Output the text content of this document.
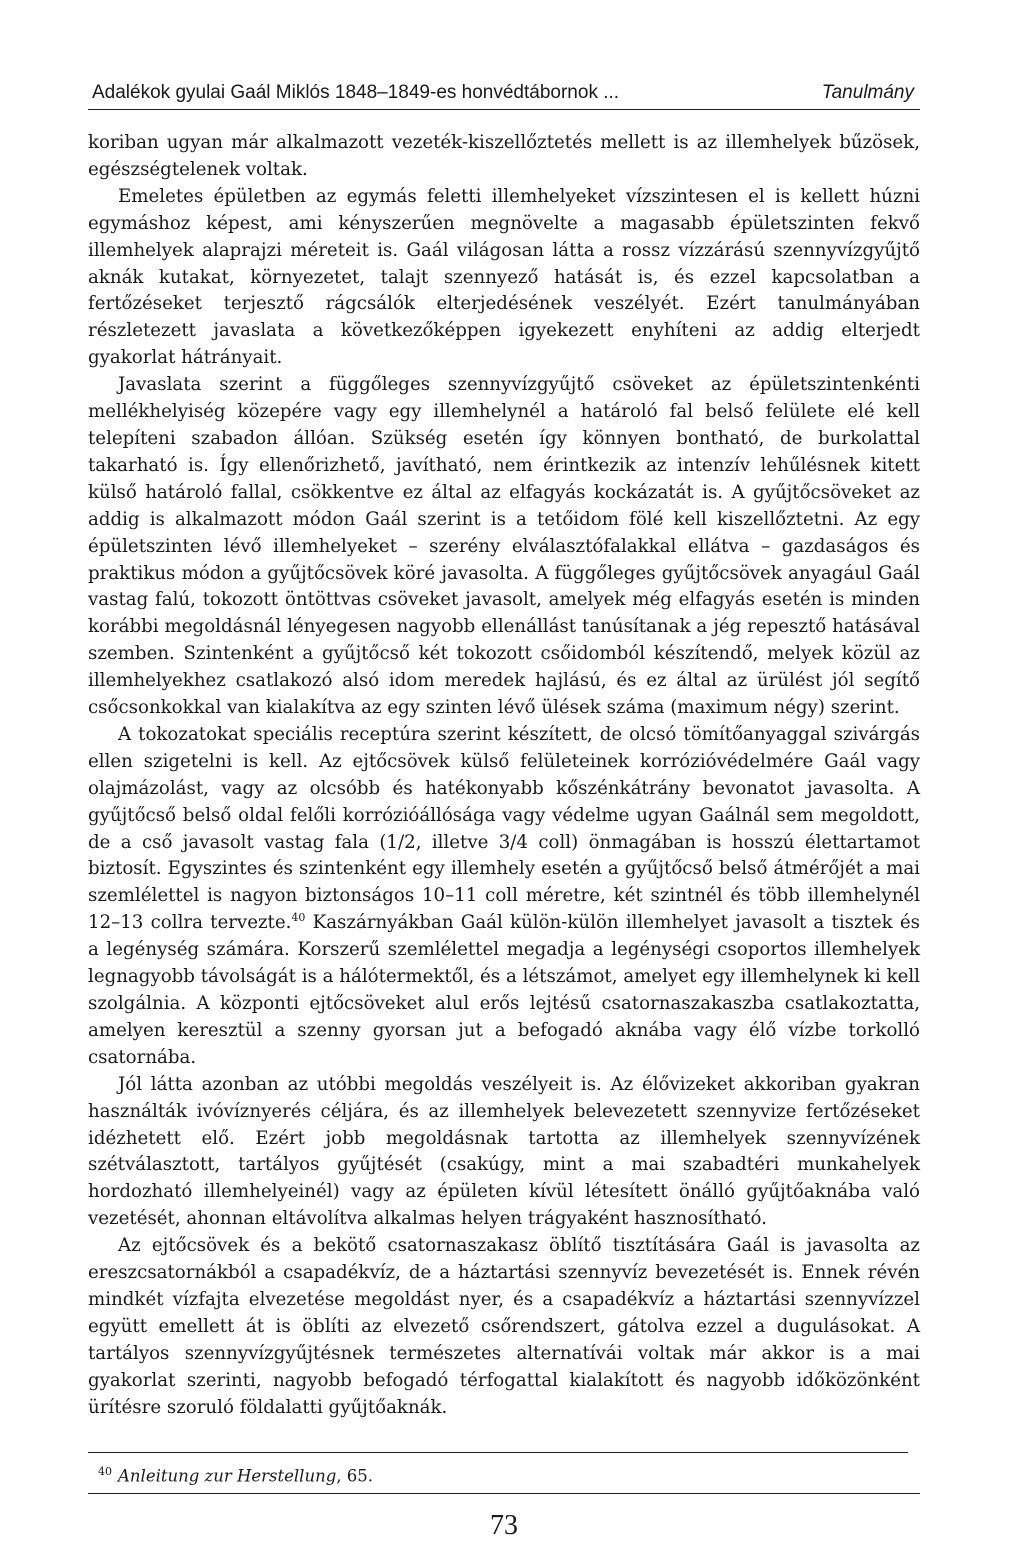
Adalékok gyulai Gaál Miklós 1848–1849-es honvédtábornok ...	Tanulmány

koriban ugyan már alkalmazott vezeték-kiszellőztetés mellett is az illemhelyek bűzösek, egészségtelenek voltak.

Emeletes épületben az egymás feletti illemhelyeket vízszintesen el is kellett húzni egymáshoz képest, ami kényszerűen megnövelte a magasabb épületszinten fekvő illemhelyek alaprajzi méreteit is. Gaál világosan látta a rossz vízzárású szennyvízgyűjtő aknák kutakat, környezetet, talajt szennyező hatását is, és ezzel kapcsolatban a fertőzéseket terjesztő rágcsálók elterjedésének veszélyét. Ezért tanulmányában részletezett javaslata a következőképpen igyekezett enyhíteni az addig elterjedt gyakorlat hátrányait.

Javaslata szerint a függőleges szennyvízgyűjtő csöveket az épületszintenkénti mellékhelyiség közepére vagy egy illemhelynél a határoló fal belső felülete elé kell telepíteni szabadon állóan. Szükség esetén így könnyen bontható, de burkolattal takarható is. Így ellenőrizhető, javítható, nem érintkezik az intenzív lehűlésnek kitett külső határoló fallal, csökkentve ez által az elfagyás kockázatát is. A gyűjtőcsöveket az addig is alkalmazott módon Gaál szerint is a tetőidom fölé kell kiszellőztetni. Az egy épületszinten lévő illemhelyeket – szerény elválasztófalakkal ellátva – gazdaságos és praktikus módon a gyűjtőcsövek köré javasolta. A függőleges gyűjtőcsövek anyagául Gaál vastag falú, tokozott öntöttvas csöveket javasolt, amelyek még elfagyás esetén is minden korábbi megoldásnál lényegesen nagyobb ellenállást tanúsítanak a jég repesztő hatásával szemben. Szintenként a gyűjtőcső két tokozott csőidomból készítendő, melyek közül az illemhelyekhez csatlakozó alsó idom meredek hajlású, és ez által az ürülést jól segítő csőcsonkokkal van kialakítva az egy szinten lévő ülések száma (maximum négy) szerint.

A tokozatokat speciális receptúra szerint készített, de olcsó tömítőanyaggal szivárgás ellen szigetelni is kell. Az ejtőcsövek külső felületeinek korrózióvédelmére Gaál vagy olajmázolást, vagy az olcsóbb és hatékonyabb kőszénkátrány bevonatot javasolta. A gyűjtőcső belső oldal felőli korrózióállósága vagy védelme ugyan Gaálnál sem megoldott, de a cső javasolt vastag fala (1/2, illetve 3/4 coll) önmagában is hosszú élettartamot biztosít. Egyszintes és szintenként egy illemhely esetén a gyűjtőcső belső átmérőjét a mai szemlélettel is nagyon biztonságos 10–11 coll méretre, két szintnél és több illemhelynél 12–13 collra tervezte.$^{40}$ Kaszárnyákban Gaál külön-külön illemhelyet javasolt a tisztek és a legénység számára. Korszerű szemlélettel megadja a legénységi csoportos illemhelyek legnagyobb távolságát is a hálótermektől, és a létszámot, amelyet egy illemhelynek ki kell szolgálnia. A központi ejtőcsöveket alul erős lejtésű csatornaszakaszba csatlakoztatta, amelyen keresztül a szenny gyorsan jut a befogadó aknába vagy élő vízbe torkolló csatornába.

Jól látta azonban az utóbbi megoldás veszélyeit is. Az élővizeket akkoriban gyakran használták ivóvíznyerés céljára, és az illemhelyek belevezetett szennyvize fertőzéseket idézhetett elő. Ezért jobb megoldásnak tartotta az illemhelyek szennyvízének szétválasztott, tartályos gyűjtését (csakúgy, mint a mai szabadtéri munkahelyek hordozható illemhelyeinél) vagy az épületen kívül létesített önálló gyűjtőaknába való vezetését, ahonnan eltávolítva alkalmas helyen trágyaként hasznosítható.

Az ejtőcsövek és a bekötő csatornaszakasz öblítő tisztítására Gaál is javasolta az ereszcsatornákból a csapadékvíz, de a háztartási szennyvíz bevezetését is. Ennek révén mindkét vízfajta elvezetése megoldást nyer, és a csapadékvíz a háztartási szennyvízzel együtt emellett át is öblíti az elvezető csőrendszert, gátolva ezzel a dugulásokat. A tartályos szennyvízgyűjtésnek természetes alternatívái voltak már akkor is a mai gyakorlat szerinti, nagyobb befogadó térfogattal kialakított és nagyobb időközönként ürítésre szoruló földalatti gyűjtőaknák.

$^{40}$ Anleitung zur Herstellung, 65.
73
